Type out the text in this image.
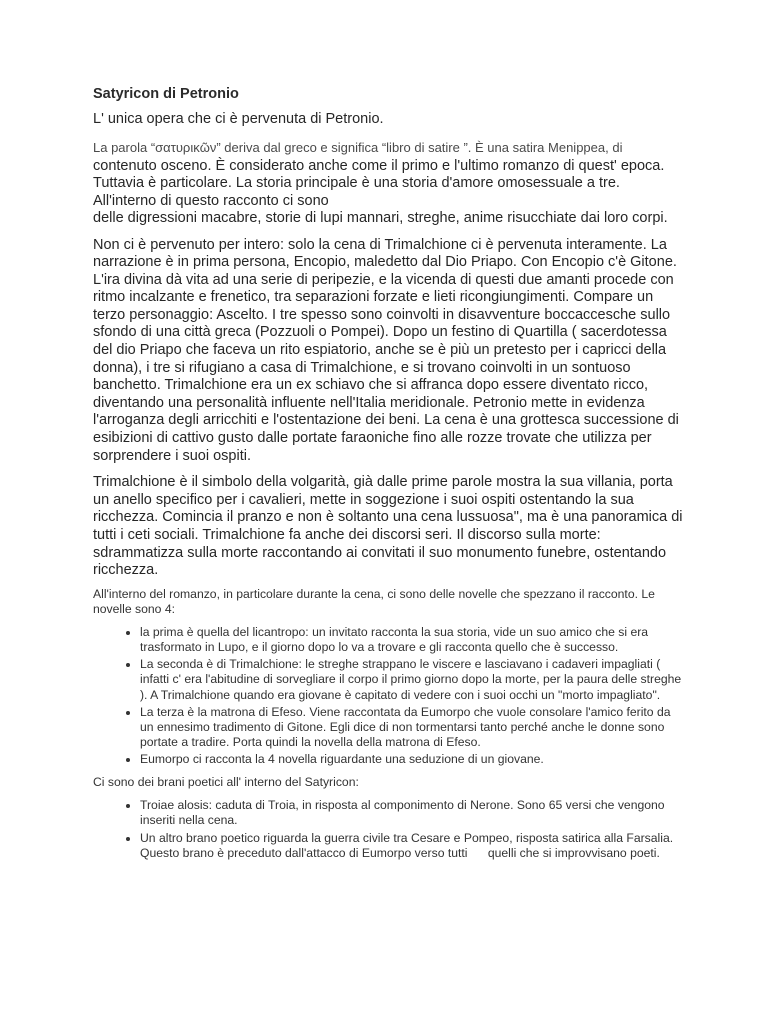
Satyricon di Petronio
L' unica opera che ci è pervenuta di Petronio.
La parola “σατυρικῶν” deriva dal greco e significa “libro di satire ”. È una satira Menippea, di contenuto osceno. È considerato anche come il primo e l'ultimo romanzo di quest' epoca. Tuttavia è particolare. La storia principale è una storia d'amore omosessuale a tre. All'interno di questo racconto ci sono
delle digressioni macabre, storie di lupi mannari, streghe, anime risucchiate dai loro corpi.
Non ci è pervenuto per intero: solo la cena di Trimalchione ci è pervenuta interamente. La narrazione è in prima persona, Encopio, maledetto dal Dio Priapo. Con Encopio c'è Gitone. L'ira divina dà vita ad una serie di peripezie, e la vicenda di questi due amanti procede con ritmo incalzante e frenetico, tra separazioni forzate e lieti ricongiungimenti. Compare un terzo personaggio: Ascelto. I tre spesso sono coinvolti in disavventure boccaccesche sullo sfondo di una città greca (Pozzuoli o Pompei). Dopo un festino di Quartilla ( sacerdotessa del dio Priapo che faceva un rito espiatorio, anche se è più un pretesto per i capricci della donna), i tre si rifugiano a casa di Trimalchione, e si trovano coinvolti in un sontuoso banchetto. Trimalchione era un ex schiavo che si affranca dopo essere diventato ricco, diventando una personalità influente nell'Italia meridionale. Petronio mette in evidenza l'arroganza degli arricchiti e l'ostentazione dei beni. La cena è una grottesca successione di esibizioni di cattivo gusto dalle portate faraoniche fino alle rozze trovate che utilizza per sorprendere i suoi ospiti.
Trimalchione è il simbolo della volgarità, già dalle prime parole mostra la sua villania, porta un anello specifico per i cavalieri, mette in soggezione i suoi ospiti ostentando la sua ricchezza. Comincia il pranzo e non è soltanto una cena lussuosa", ma è una panoramica di tutti i ceti sociali. Trimalchione fa anche dei discorsi seri. Il discorso sulla morte: sdrammatizza sulla morte raccontando ai convitati il suo monumento funebre, ostentando ricchezza.
All'interno del romanzo, in particolare durante la cena, ci sono delle novelle che spezzano il racconto. Le novelle sono 4:
• la prima è quella del licantropo: un invitato racconta la sua storia, vide un suo amico che si era trasformato in Lupo, e il giorno dopo lo va a trovare e gli racconta quello che è successo.
• La seconda è di Trimalchione: le streghe strappano le viscere e lasciavano i cadaveri impagliati ( infatti c' era l'abitudine di sorvegliare il corpo il primo giorno dopo la morte, per la paura delle streghe ). A Trimalchione quando era giovane è capitato di vedere con i suoi occhi un "morto impagliato".
• La terza è la matrona di Efeso. Viene raccontata da Eumorpo che vuole consolare l'amico ferito da un ennesimo tradimento di Gitone. Egli dice di non tormentarsi tanto perché anche le donne sono portate a tradire. Porta quindi la novella della matrona di Efeso.
• Eumorpo ci racconta la 4 novella riguardante una seduzione di un giovane.
Ci sono dei brani poetici all' interno del Satyricon:
• Troiae alosis: caduta di Troia, in risposta al componimento di Nerone. Sono 65 versi che vengono inseriti nella cena.
• Un altro brano poetico riguarda la guerra civile tra Cesare e Pompeo, risposta satirica alla Farsalia. Questo brano è preceduto dall'attacco di Eumorpo verso tutti      quelli che si improvvisano poeti.
